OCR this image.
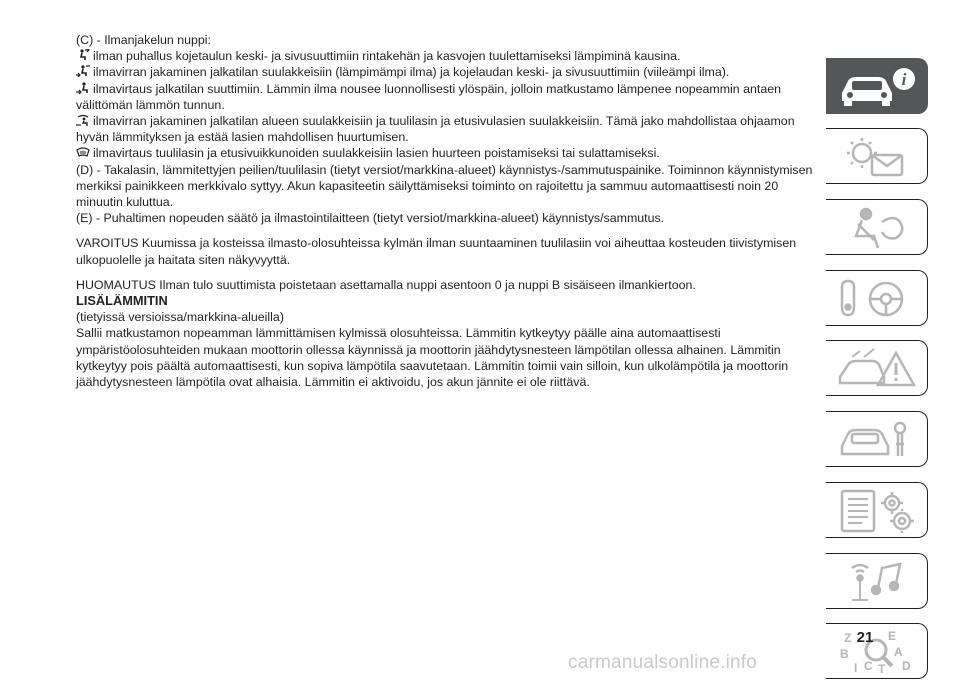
(C) - Ilmanjakelun nuppi:

ilman puhallus kojetaulun keski- ja sivusuuttimiin rintakehän ja kasvojen tuulettamiseksi lämpiminä kausina.

ilmavirran jakaminen jalkatilan suulakkeisiin (lämpimämpi ilma) ja kojelaudan keski- ja sivusuuttimiin (viileämpi ilma).

ilmavirtaus jalkatilan suuttimiin. Lämmin ilma nousee luonnollisesti ylöspäin, jolloin matkustamo lämpenee nopeammin antaen välittömän lämmön tunnun.

ilmavirran jakaminen jalkatilan alueen suulakkeisiin ja tuulilasin ja etusivulasien suulakkeisiin. Tämä jako mahdollistaa ohjaamon hyvän lämmityksen ja estää lasien mahdollisen huurtumisen.

ilmavirtaus tuulilasin ja etusivuikkunoiden suulakkeisiin lasien huurteen poistamiseksi tai sulattamiseksi.

(D) - Takalasin, lämmitettyjen peilien/tuulilasin (tietyt versiot/markkina-alueet) käynnistys-/sammutuspainike. Toiminnon käynnistymisen merkiksi painikkeen merkkivalo syttyy. Akun kapasiteetin säilyttämiseksi toiminto on rajoitettu ja sammuu automaattisesti noin 20 minuutin kuluttua.

(E) - Puhaltimen nopeuden säätö ja ilmastointilaitteen (tietyt versiot/markkina-alueet) käynnistys/sammutus.

VAROITUS Kuumissa ja kosteissa ilmasto-olosuhteissa kylmän ilman suuntaaminen tuulilasiin voi aiheuttaa kosteuden tiivistymisen ulkopuolelle ja haitata siten näkyvyyttä.

HUOMAUTUS Ilman tulo suuttimista poistetaan asettamalla nuppi asentoon 0 ja nuppi B sisäiseen ilmankiertoon.

LISÄLÄMMITIN

(tietyissä versioissa/markkina-alueilla)

Sallii matkustamon nopeamman lämmittämisen kylmissä olosuhteissa. Lämmitin kytkeytyy päälle aina automaattisesti ympäristöolosuhteiden mukaan moottorin ollessa käynnissä ja moottorin jäähdytysnesteen lämpötilan ollessa alhainen. Lämmitin kytkeytyy pois päältä automaattisesti, kun sopiva lämpötila saavutetaan. Lämmitin toimii vain silloin, kun ulkolämpötila ja moottorin jäähdytysnesteen lämpötila ovat alhaisia. Lämmitin ei aktivoidu, jos akun jännite ei ole riittävä.

i
Z	E
B	A
I C T D
21
carmanualsonline.info
